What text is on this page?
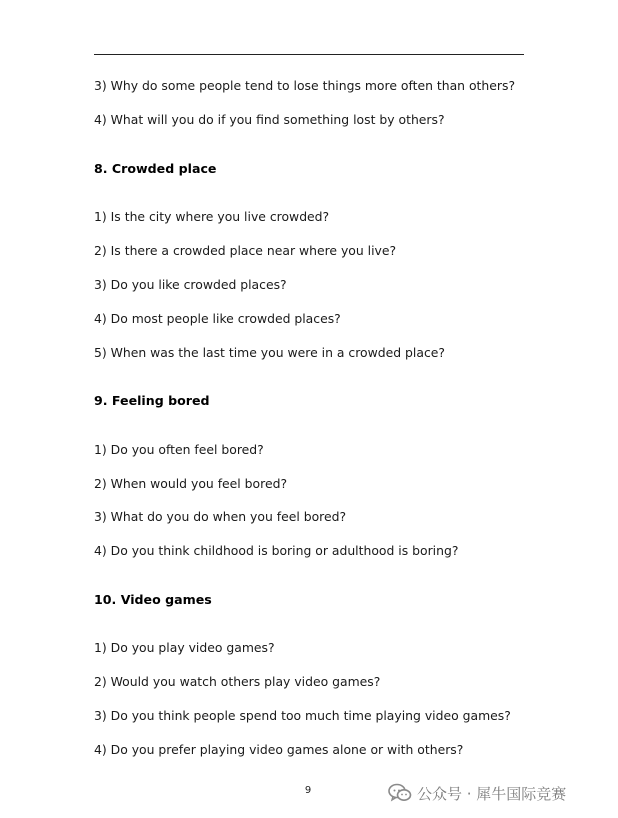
3) Why do some people tend to lose things more often than others?
4) What will you do if you find something lost by others?
8. Crowded place
1) Is the city where you live crowded?
2) Is there a crowded place near where you live?
3) Do you like crowded places?
4) Do most people like crowded places?
5) When was the last time you were in a crowded place?
9. Feeling bored
1) Do you often feel bored?
2) When would you feel bored?
3) What do you do when you feel bored?
4) Do you think childhood is boring or adulthood is boring?
10. Video games
1) Do you play video games?
2) Would you watch others play video games?
3) Do you think people spend too much time playing video games?
4) Do you prefer playing video games alone or with others?
9	公众号 · 犀牛国际竞赛
